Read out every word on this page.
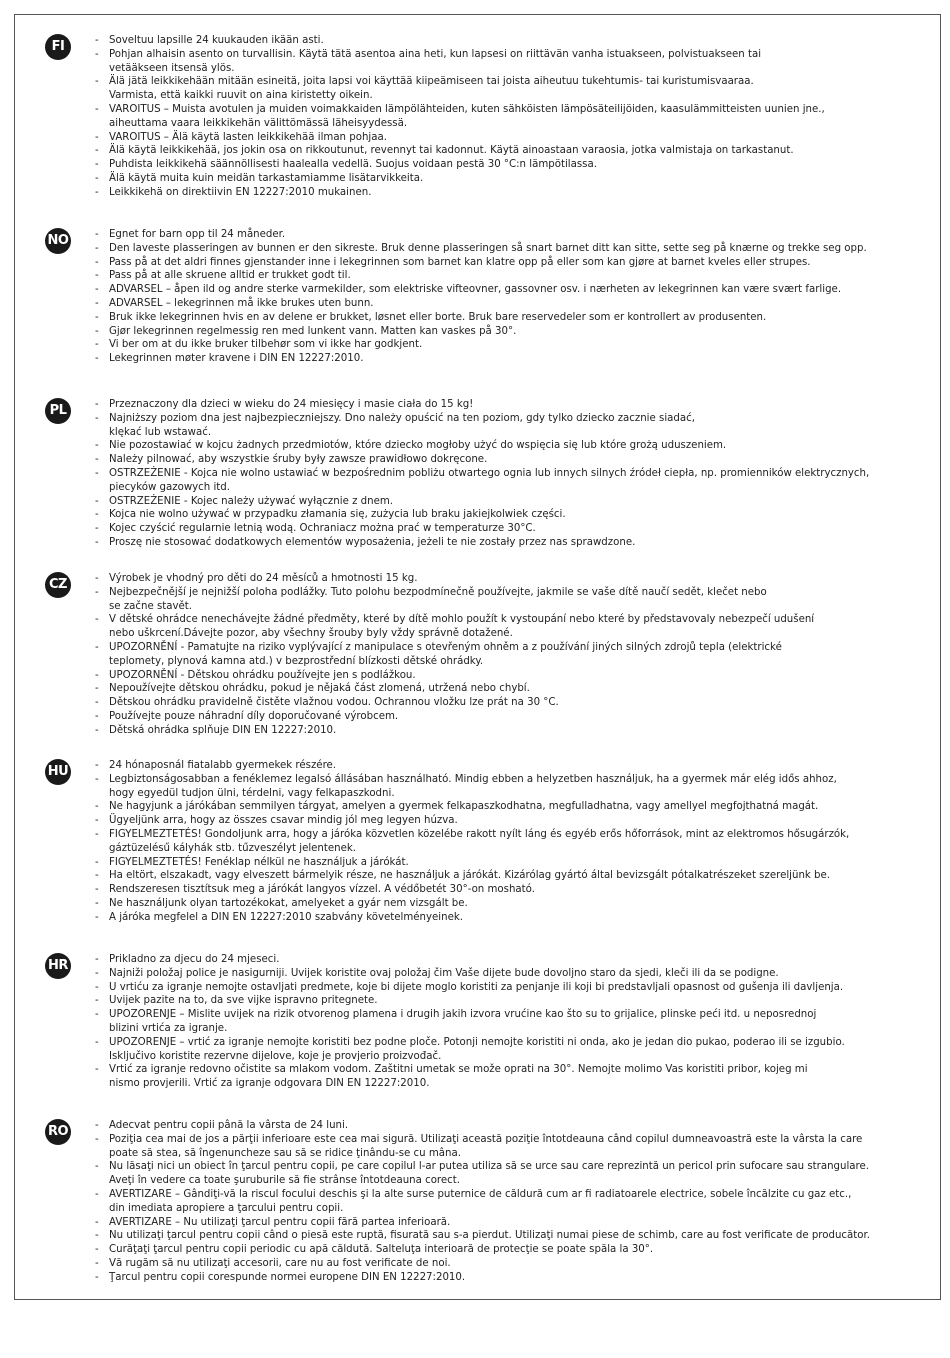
FI	- Soveltuu lapsille 24 kuukauden ikään asti.
- Pohjan alhaisin asento on turvallisin. Käytä tätä asentoa aina heti, kun lapsesi on riittävän vanha istuakseen, polvistuakseen tai
vetääkseen itsensä ylös.
- Älä jätä leikkikehään mitään esineitä, joita lapsi voi käyttää kiipeämiseen tai joista aiheutuu tukehtumis- tai kuristumisvaaraa.
Varmista, että kaikki ruuvit on aina kiristetty oikein.
- VAROITUS – Muista avotulen ja muiden voimakkaiden lämpölähteiden, kuten sähköisten lämpösäteilijöiden, kaasulämmitteisten uunien jne.,
aiheuttama vaara leikkikehän välittömässä läheisyydessä.
- VAROITUS – Älä käytä lasten leikkikehää ilman pohjaa.
- Älä käytä leikkikehää, jos jokin osa on rikkoutunut, revennyt tai kadonnut. Käytä ainoastaan varaosia, jotka valmistaja on tarkastanut.
- Puhdista leikkikehä säännöllisesti haalealla vedellä. Suojus voidaan pestä 30 °C:n lämpötilassa.
- Älä käytä muita kuin meidän tarkastamiamme lisätarvikkeita.
- Leikkikehä on direktiivin EN 12227:2010 mukainen.
NO	- Egnet for barn opp til 24 måneder.
- Den laveste plasseringen av bunnen er den sikreste. Bruk denne plasseringen så snart barnet ditt kan sitte, sette seg på knærne og trekke seg opp.
- Pass på at det aldri finnes gjenstander inne i lekegrinnen som barnet kan klatre opp på eller som kan gjøre at barnet kveles eller strupes.
- Pass på at alle skruene alltid er trukket godt til.
- ADVARSEL – åpen ild og andre sterke varmekilder, som elektriske vifteovner, gassovner osv. i nærheten av lekegrinnen kan være svært farlige.
- ADVARSEL – lekegrinnen må ikke brukes uten bunn.
- Bruk ikke lekegrinnen hvis en av delene er brukket, løsnet eller borte. Bruk bare reservedeler som er kontrollert av produsenten.
- Gjør lekegrinnen regelmessig ren med lunkent vann. Matten kan vaskes på 30°.
- Vi ber om at du ikke bruker tilbehør som vi ikke har godkjent.
- Lekegrinnen møter kravene i DIN EN 12227:2010.
PL	- Przeznaczony dla dzieci w wieku do 24 miesięcy i masie ciała do 15 kg!
- Najniższy poziom dna jest najbezpieczniejszy. Dno należy opuścić na ten poziom, gdy tylko dziecko zacznie siadać,
klękać lub wstawać.
- Nie pozostawiać w kojcu żadnych przedmiotów, które dziecko mogłoby użyć do wspięcia się lub które grożą uduszeniem.
- Należy pilnować, aby wszystkie śruby były zawsze prawidłowo dokręcone.
- OSTRZEŻENIE - Kojca nie wolno ustawiać w bezpośrednim pobliżu otwartego ognia lub innych silnych źródeł ciepła, np. promienników elektrycznych,
piecyków gazowych itd.
- OSTRZEŻENIE - Kojec należy używać wyłącznie z dnem.
- Kojca nie wolno używać w przypadku złamania się, zużycia lub braku jakiejkolwiek części.
- Kojec czyścić regularnie letnią wodą. Ochraniacz można prać w temperaturze 30°C.
- Proszę nie stosować dodatkowych elementów wyposażenia, jeżeli te nie zostały przez nas sprawdzone.
CZ	- Výrobek je vhodný pro děti do 24 měsíců a hmotnosti 15 kg.
- Nejbezpečnější je nejnižší poloha podlážky. Tuto polohu bezpodmínečně používejte, jakmile se vaše dítě naučí sedět, klečet nebo
se začne stavět.
- V dětské ohrádce nenechávejte žádné předměty, které by dítě mohlo použít k vystoupání nebo které by představovaly nebezpečí udušení
nebo uškrcení.Dávejte pozor, aby všechny šrouby byly vždy správně dotažené.
- UPOZORNĚNÍ - Pamatujte na riziko vyplývající z manipulace s otevřeným ohněm a z používání jiných silných zdrojů tepla (elektrické
teplomety, plynová kamna atd.) v bezprostřední blízkosti dětské ohrádky.
- UPOZORNĚNÍ - Dětskou ohrádku používejte jen s podlážkou.
- Nepoužívejte dětskou ohrádku, pokud je nějaká část zlomená, utržená nebo chybí.
- Dětskou ohrádku pravidelně čistěte vlažnou vodou. Ochrannou vložku lze prát na 30 °C.
- Používejte pouze náhradní díly doporučované výrobcem.
- Dětská ohrádka splňuje DIN EN 12227:2010.
HU	- 24 hónaposnál fiatalabb gyermekek részére.
- Legbiztonságosabban a fenéklemez legalsó állásában használható. Mindig ebben a helyzetben használjuk, ha a gyermek már elég idős ahhoz,
hogy egyedül tudjon ülni, térdelni, vagy felkapaszkodni.
- Ne hagyjunk a járókában semmilyen tárgyat, amelyen a gyermek felkapaszkodhatna, megfulladhatna, vagy amellyel megfojthatná magát.
- Ügyeljünk arra, hogy az összes csavar mindig jól meg legyen húzva.
- FIGYELMEZTETÉS! Gondoljunk arra, hogy a járóka közvetlen közelébe rakott nyílt láng és egyéb erős hőforrások, mint az elektromos hősugárzók,
gáztüzelésű kályhák stb. tűzveszélyt jelentenek.
- FIGYELMEZTETÉS! Fenéklap nélkül ne használjuk a járókát.
- Ha eltört, elszakadt, vagy elveszett bármelyik része, ne használjuk a járókát. Kizárólag gyártó által bevizsgált pótalkatrészeket szereljünk be.
- Rendszeresen tisztítsuk meg a járókát langyos vízzel. A védőbetét 30°-on mosható.
- Ne használjunk olyan tartozékokat, amelyeket a gyár nem vizsgált be.
- A járóka megfelel a DIN EN 12227:2010 szabvány követelményeinek.
HR	- Prikladno za djecu do 24 mjeseci.
- Najniži položaj police je nasigurniji. Uvijek koristite ovaj položaj čim Vaše dijete bude dovoljno staro da sjedi, kleči ili da se podigne.
- U vrtiću za igranje nemojte ostavljati predmete, koje bi dijete moglo koristiti za penjanje ili koji bi predstavljali opasnost od gušenja ili davljenja.
- Uvijek pazite na to, da sve vijke ispravno pritegnete.
- UPOZORENJE – Mislite uvijek na rizik otvorenog plamena i drugih jakih izvora vrućine kao što su to grijalice, plinske peći itd. u neposrednoj
blizini vrtića za igranje.
- UPOZORENJE – vrtić za igranje nemojte koristiti bez podne ploče. Potonji nemojte koristiti ni onda, ako je jedan dio pukao, poderao ili se izgubio.
Isključivo koristite rezervne dijelove, koje je provjerio proizvođač.
- Vrtić za igranje redovno očistite sa mlakom vodom. Zaštitni umetak se može oprati na 30°. Nemojte molimo Vas koristiti pribor, kojeg mi
nismo provjerili. Vrtić za igranje odgovara DIN EN 12227:2010.
RO	- Adecvat pentru copii până la vârsta de 24 luni.
- Poziţia cea mai de jos a părţii inferioare este cea mai sigură. Utilizaţi această poziţie întotdeauna când copilul dumneavoastră este la vârsta la care
poate să stea, să îngenuncheze sau să se ridice ţinându-se cu mâna.
- Nu lăsaţi nici un obiect în ţarcul pentru copii, pe care copilul l-ar putea utiliza să se urce sau care reprezintă un pericol prin sufocare sau strangulare.
Aveţi în vedere ca toate şuruburile să fie strânse întotdeauna corect.
- AVERTIZARE – Gândiţi-vă la riscul focului deschis şi la alte surse puternice de căldură cum ar fi radiatoarele electrice, sobele încălzite cu gaz etc.,
din imediata apropiere a ţarcului pentru copii.
- AVERTIZARE – Nu utilizaţi ţarcul pentru copii fără partea inferioară.
- Nu utilizaţi ţarcul pentru copii când o piesă este ruptă, fisurată sau s-a pierdut. Utilizaţi numai piese de schimb, care au fost verificate de producător.
- Curăţaţi ţarcul pentru copii periodic cu apă căldută. Salteluţa interioară de protecţie se poate spăla la 30°.
- Vă rugăm să nu utilizaţi accesorii, care nu au fost verificate de noi.
- Ţarcul pentru copii corespunde normei europene DIN EN 12227:2010.
